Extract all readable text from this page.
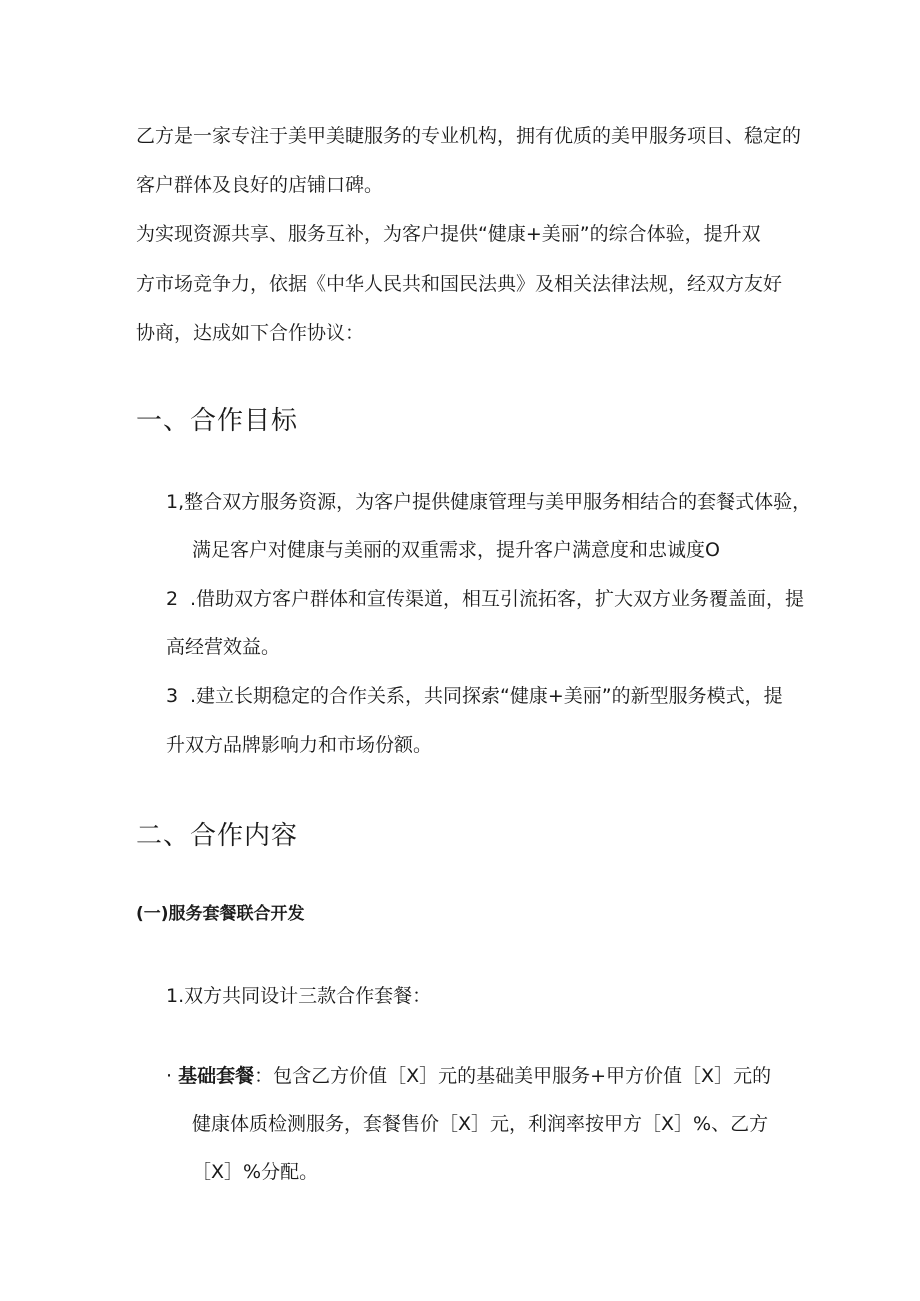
乙方是一家专注于美甲美睫服务的专业机构，拥有优质的美甲服务项目、稳定的
客户群体及良好的店铺口碑。
为实现资源共享、服务互补，为客户提供“健康+美丽”的综合体验，提升双
方市场竞争力，依据《中华人民共和国民法典》及相关法律法规，经双方友好
协商，达成如下合作协议：
一、合作目标
1,整合双方服务资源，为客户提供健康管理与美甲服务相结合的套餐式体验，
满足客户对健康与美丽的双重需求，提升客户满意度和忠诚度O
2 .借助双方客户群体和宣传渠道，相互引流拓客，扩大双方业务覆盖面，提
高经营效益。
3 .建立长期稳定的合作关系，共同探索“健康+美丽”的新型服务模式，提
升双方品牌影响力和市场份额。
二、合作内容
(一)服务套餐联合开发
1.双方共同设计三款合作套餐：
· 基础套餐：包含乙方价值［X］元的基础美甲服务+甲方价值［X］元的
健康体质检测服务，套餐售价［X］元，利润率按甲方［X］%、乙方
［X］%分配。
